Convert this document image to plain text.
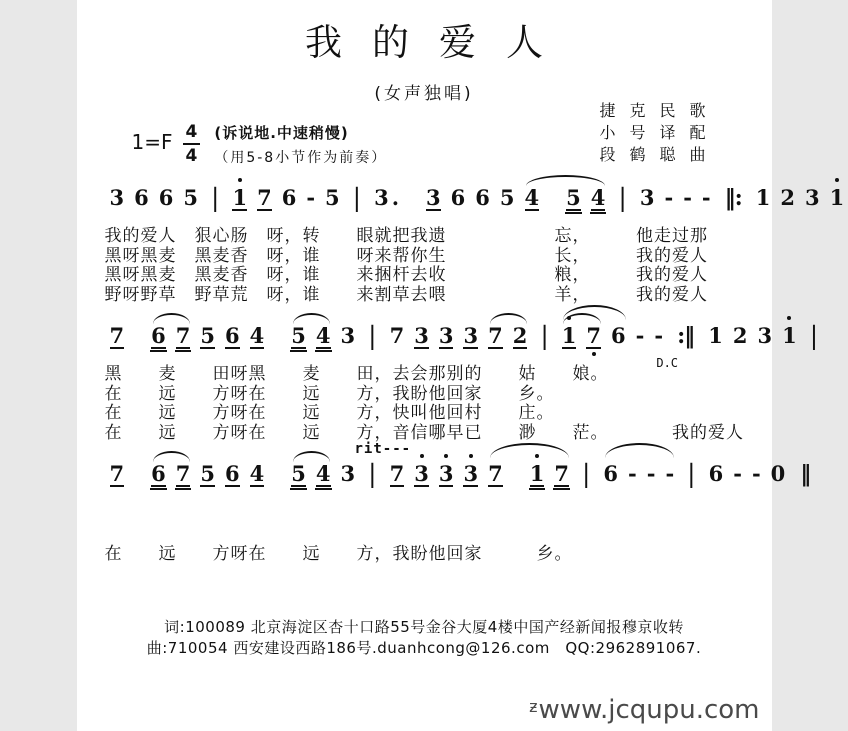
我的爱人
(女声独唱)
捷克民歌
小号译配
段鹤聪曲
$1=F \frac{4}{4}$ (诉说地.中速稍慢)
（用5-8小节作为前奏）
3 6 6 5 | 1 7 6 - 5 | 3 . 3 6 6 5 4 5 4 | 3 - - - ‖: 1 2 3 1
我的爱人　狠心肠　呀，转　　眼就把我遗　　　　　　忘，　　　他走过那
黑呀黑麦　黑麦香　呀，谁　　呀来帮你生　　　　　　长，　　　我的爱人
黑呀黑麦　黑麦香　呀，谁　　来捆杆去收　　　　　　粮，　　　我的爱人
野呀野草　野草荒　呀，谁　　来割草去喂　　　　　　羊，　　　我的爱人
7 6 7 5 6 4 5 4 3 | 7 3 3 3 7 2 | 1 7 6 - -
D.C
:‖ 1 2 3 1 |
黑　　麦　　田呀黑　　麦　　田，去会那别的　　姑　　娘。
在　　远　　方呀在　　远　　方，我盼他回家　　乡。
在　　远　　方呀在　　远　　方，快叫他回村　　庄。
在　　远　　方呀在　　远　　方，音信哪早已　　渺　　茫。　　　　我的爱人
rit---
7 6 7 5 6 4 5 4 3 | 7 3 3 3 7 1 7 | 6 - - - | 6 - - 0 ‖
在　　远　　方呀在　　远　　方，我盼他回家　　　乡。
词:100089 北京海淀区杏十口路55号金谷大厦4楼中国产经新闻报穆京收转
曲:710054 西安建设西路186号.duanhcong@126.com　QQ:2962891067.
$^ƶ$www.jcqupu.com
